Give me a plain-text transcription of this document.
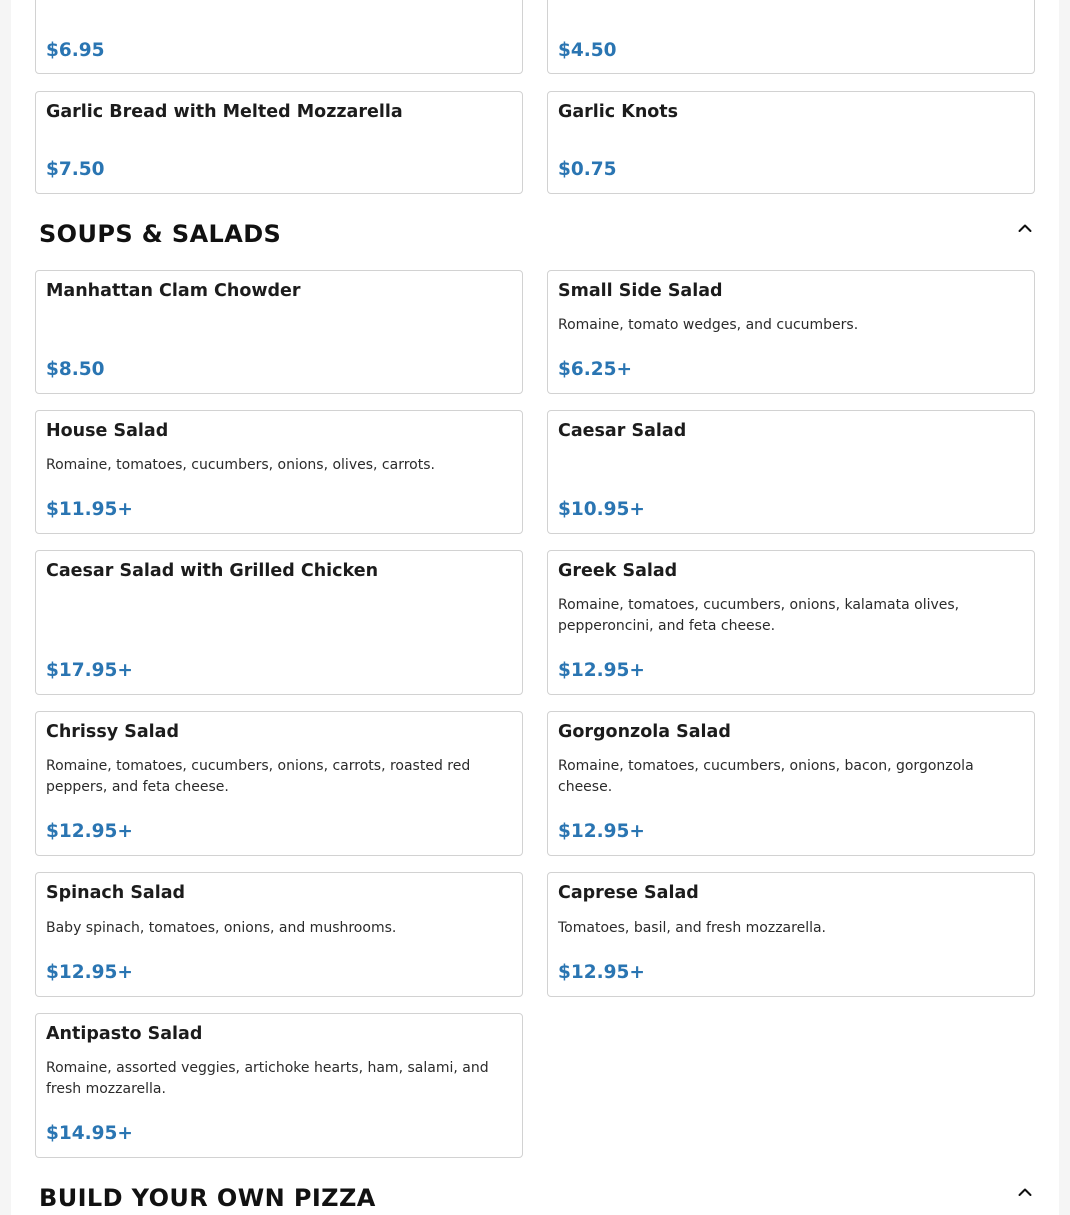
$6.95	$4.50
Garlic Bread with Melted Mozzarella
$7.50
Garlic Knots
$0.75
SOUPS & SALADS
Manhattan Clam Chowder
$8.50
Small Side Salad
Romaine, tomato wedges, and cucumbers.
$6.25+
House Salad
Romaine, tomatoes, cucumbers, onions, olives, carrots.
$11.95+
Caesar Salad
$10.95+
Caesar Salad with Grilled Chicken
$17.95+
Greek Salad
Romaine, tomatoes, cucumbers, onions, kalamata olives, pepperoncini, and feta cheese.
$12.95+
Chrissy Salad
Romaine, tomatoes, cucumbers, onions, carrots, roasted red peppers, and feta cheese.
$12.95+
Gorgonzola Salad
Romaine, tomatoes, cucumbers, onions, bacon, gorgonzola cheese.
$12.95+
Spinach Salad
Baby spinach, tomatoes, onions, and mushrooms.
$12.95+
Caprese Salad
Tomatoes, basil, and fresh mozzarella.
$12.95+
Antipasto Salad
Romaine, assorted veggies, artichoke hearts, ham, salami, and fresh mozzarella.
$14.95+
BUILD YOUR OWN PIZZA
